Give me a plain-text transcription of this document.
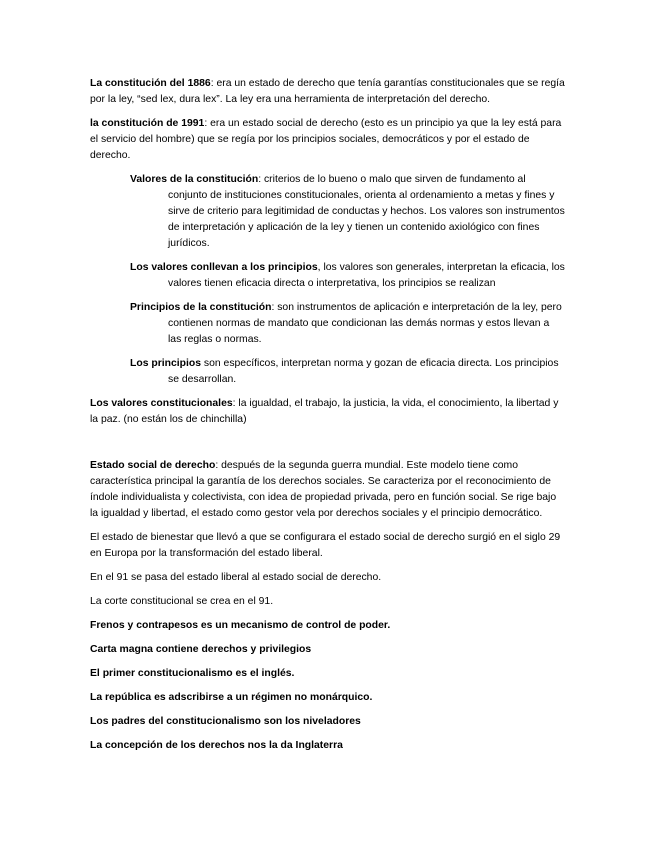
La constitución del 1886: era un estado de derecho que tenía garantías constitucionales que se regía por la ley, “sed lex, dura lex”. La ley era una herramienta de interpretación del derecho.

la constitución de 1991: era un estado social de derecho (esto es un principio ya que la ley está para el servicio del hombre) que se regía por los principios sociales, democráticos y por el estado de derecho.

Valores de la constitución: criterios de lo bueno o malo que sirven de fundamento al conjunto de instituciones constitucionales, orienta al ordenamiento a metas y fines y sirve de criterio para legitimidad de conductas y hechos. Los valores son instrumentos de interpretación y aplicación de la ley y tienen un contenido axiológico con fines jurídicos.

Los valores conllevan a los principios, los valores son generales, interpretan la eficacia, los valores tienen eficacia directa o interpretativa, los principios se realizan

Principios de la constitución: son instrumentos de aplicación e interpretación de la ley, pero contienen normas de mandato que condicionan las demás normas y estos llevan a las reglas o normas.

Los principios son específicos, interpretan norma y gozan de eficacia directa. Los principios se desarrollan.

Los valores constitucionales: la igualdad, el trabajo, la justicia, la vida, el conocimiento, la libertad y la paz. (no están los de chinchilla)

Estado social de derecho: después de la segunda guerra mundial. Este modelo tiene como característica principal la garantía de los derechos sociales. Se caracteriza por el reconocimiento de índole individualista y colectivista, con idea de propiedad privada, pero en función social. Se rige bajo la igualdad y libertad, el estado como gestor vela por derechos sociales y el principio democrático.

El estado de bienestar que llevó a que se configurara el estado social de derecho surgió en el siglo 29 en Europa por la transformación del estado liberal.

En el 91 se pasa del estado liberal al estado social de derecho.

La corte constitucional se crea en el 91.

Frenos y contrapesos es un mecanismo de control de poder.

Carta magna contiene derechos y privilegios

El primer constitucionalismo es el inglés.

La república es adscribirse a un régimen no monárquico.

Los padres del constitucionalismo son los niveladores

La concepción de los derechos nos la da Inglaterra
